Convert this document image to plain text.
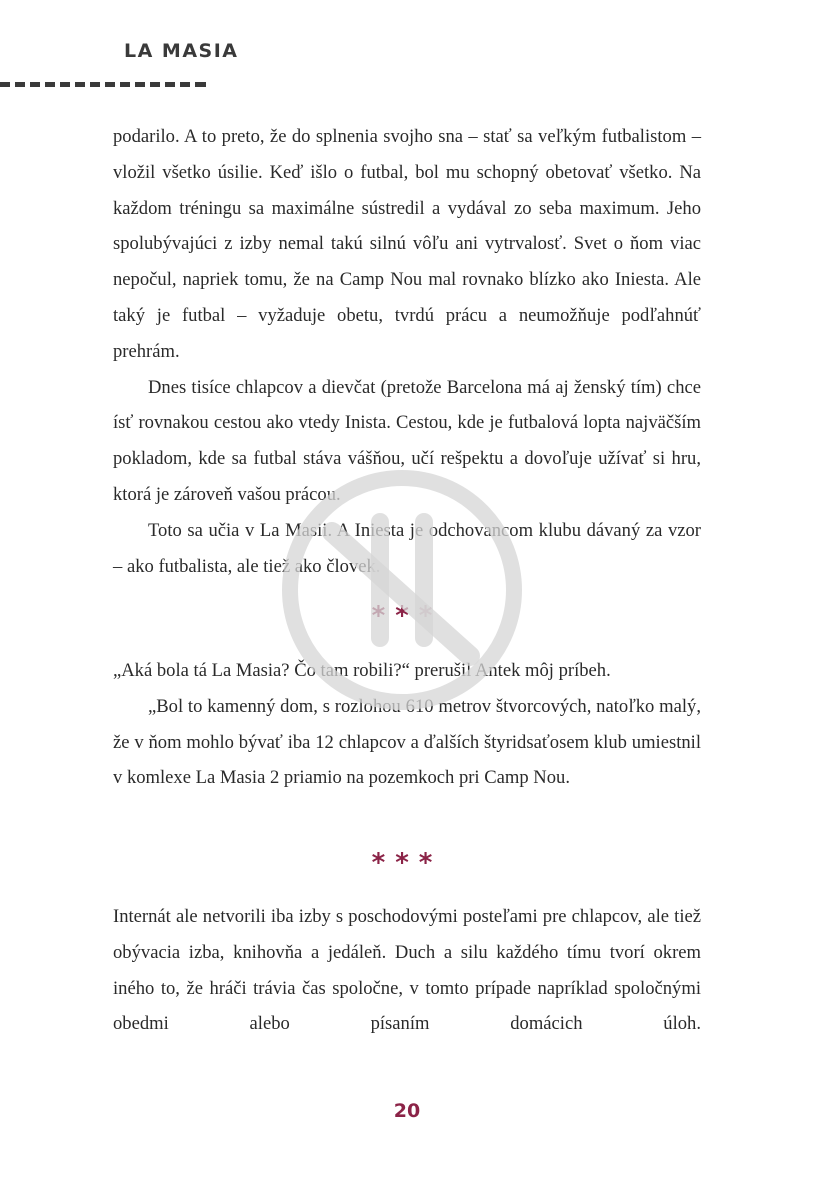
LA MASIA

podarilo. A to preto, že do splnenia svojho sna – stať sa veľkým futbalistom – vložil všetko úsilie. Keď išlo o futbal, bol mu schopný obetovať všetko. Na každom tréningu sa maximálne sústredil a vydával zo seba maximum. Jeho spolubývajúci z izby nemal takú silnú vôľu ani vytrvalosť. Svet o ňom viac nepočul, napriek tomu, že na Camp Nou mal rovnako blízko ako Iniesta. Ale taký je futbal – vyžaduje obetu, tvrdú prácu a neumožňuje podľahnúť prehrám.

Dnes tisíce chlapcov a dievčat (pretože Barcelona má aj ženský tím) chce ísť rovnakou cestou ako vtedy Inista. Cestou, kde je futbalová lopta najväčším pokladom, kde sa futbal stáva vášňou, učí rešpektu a dovoľuje užívať si hru, ktorá je zároveň vašou prácou.

Toto sa učia v La Masii. A Iniesta je odchovancom klubu dávaný za vzor – ako futbalista, ale tiež ako človek.

***

„Aká bola tá La Masia? Čo tam robili?“ prerušil Antek môj príbeh.

„Bol to kamenný dom, s rozlohou 610 metrov štvorcových, natoľko malý, že v ňom mohlo bývať iba 12 chlapcov a ďalších štyridsaťosem klub umiestnil v komlexe La Masia 2 priamio na pozemkoch pri Camp Nou.

***

Internát ale netvorili iba izby s poschodovými posteľami pre chlapcov, ale tiež obývacia izba, knihovňa a jedáleň. Duch a silu každého tímu tvorí okrem iného to, že hráči trávia čas spoločne, v tomto prípade napríklad spoločnými obedmi alebo písaním domácich úloh.

20
